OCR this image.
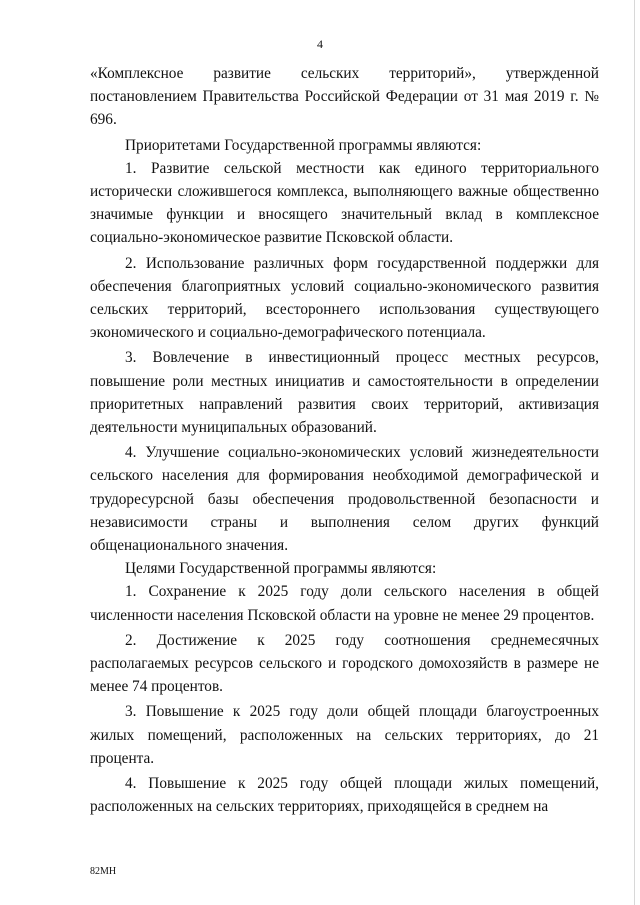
4

«Комплексное развитие сельских территорий», утвержденной постановлением Правительства Российской Федерации от 31 мая 2019 г. № 696.

Приоритетами Государственной программы являются:

1. Развитие сельской местности как единого территориального исторически сложившегося комплекса, выполняющего важные общественно значимые функции и вносящего значительный вклад в комплексное социально-экономическое развитие Псковской области.

2. Использование различных форм государственной поддержки для обеспечения благоприятных условий социально-экономического развития сельских территорий, всестороннего использования существующего экономического и социально-демографического потенциала.

3. Вовлечение в инвестиционный процесс местных ресурсов, повышение роли местных инициатив и самостоятельности в определении приоритетных направлений развития своих территорий, активизация деятельности муниципальных образований.

4. Улучшение социально-экономических условий жизнедеятельности сельского населения для формирования необходимой демографической и трудоресурсной базы обеспечения продовольственной безопасности и независимости страны и выполнения селом других функций общенационального значения.

Целями Государственной программы являются:

1. Сохранение к 2025 году доли сельского населения в общей численности населения Псковской области на уровне не менее 29 процентов.

2. Достижение к 2025 году соотношения среднемесячных располагаемых ресурсов сельского и городского домохозяйств в размере не менее 74 процентов.

3. Повышение к 2025 году доли общей площади благоустроенных жилых помещений, расположенных на сельских территориях, до 21 процента.

4. Повышение к 2025 году общей площади жилых помещений, расположенных на сельских территориях, приходящейся в среднем на

82МН
